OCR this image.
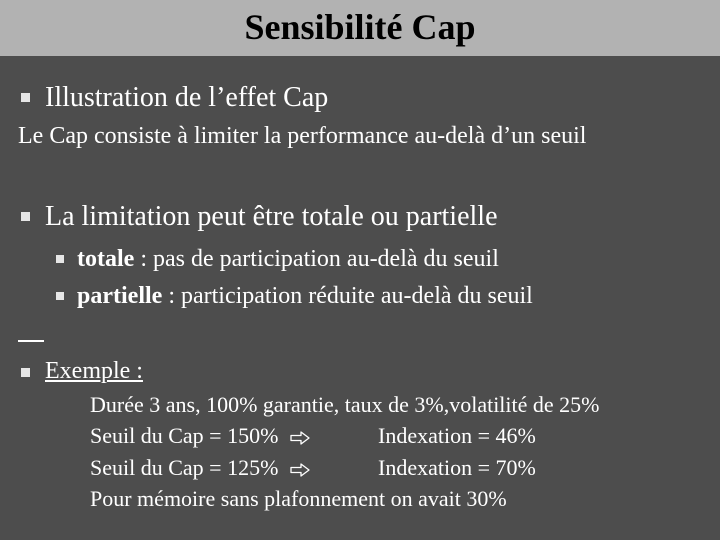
Sensibilité Cap
Illustration de l’effet Cap
Le Cap consiste à limiter la performance au-delà d’un seuil
La limitation peut être totale ou partielle
totale : pas de participation au-delà du seuil
partielle : participation réduite au-delà du seuil
Exemple :
Durée 3 ans, 100% garantie, taux de 3%,volatilité de 25%
Seuil du Cap = 150%	Indexation = 46%
Seuil du Cap = 125%	Indexation = 70%
Pour mémoire sans plafonnement on avait 30%
